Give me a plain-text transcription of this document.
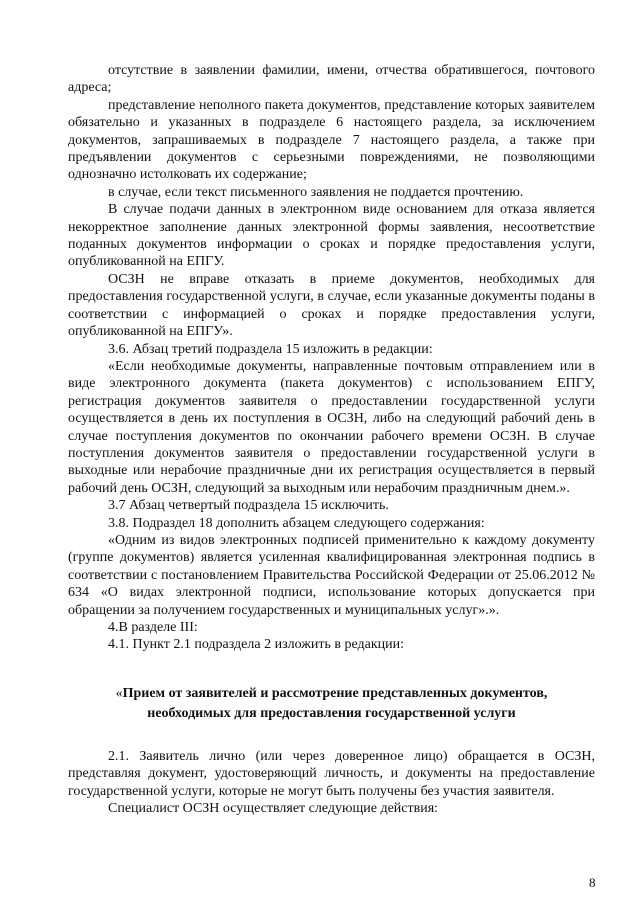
отсутствие в заявлении фамилии, имени, отчества обратившегося, почтового адреса;

представление неполного пакета документов, представление которых заявителем обязательно и указанных в подразделе 6 настоящего раздела, за исключением документов, запрашиваемых в подразделе 7 настоящего раздела, а также при предъявлении документов с серьезными повреждениями, не позволяющими однозначно истолковать их содержание;

в случае, если текст письменного заявления не поддается прочтению.

В случае подачи данных в электронном виде основанием для отказа является некорректное заполнение данных электронной формы заявления, несоответствие поданных документов информации о сроках и порядке предоставления услуги, опубликованной на ЕПГУ.

ОСЗН не вправе отказать в приеме документов, необходимых для предоставления государственной услуги, в случае, если указанные документы поданы в соответствии с информацией о сроках и порядке предоставления услуги, опубликованной на ЕПГУ».

3.6. Абзац третий подраздела 15 изложить в редакции:

«Если необходимые документы, направленные почтовым отправлением или в виде электронного документа (пакета документов) с использованием ЕПГУ, регистрация документов заявителя о предоставлении государственной услуги осуществляется в день их поступления в ОСЗН, либо на следующий рабочий день в случае поступления документов по окончании рабочего времени ОСЗН. В случае поступления документов заявителя о предоставлении государственной услуги в выходные или нерабочие праздничные дни их регистрация осуществляется в первый рабочий день ОСЗН, следующий за выходным или нерабочим праздничным днем.».

3.7 Абзац четвертый подраздела 15 исключить.

3.8. Подраздел 18 дополнить абзацем следующего содержания:

«Одним из видов электронных подписей применительно к каждому документу (группе документов) является усиленная квалифицированная электронная подпись в соответствии с постановлением Правительства Российской Федерации от 25.06.2012 № 634 «О видах электронной подписи, использование которых допускается при обращении за получением государственных и муниципальных услуг».».

4.В разделе III:

4.1. Пункт 2.1 подраздела 2 изложить в редакции:

«Прием от заявителей и рассмотрение представленных документов,
необходимых для предоставления государственной услуги

2.1. Заявитель лично (или через доверенное лицо) обращается в ОСЗН, представляя документ, удостоверяющий личность, и документы на предоставление государственной услуги, которые не могут быть получены без участия заявителя.

Специалист ОСЗН осуществляет следующие действия:

8
